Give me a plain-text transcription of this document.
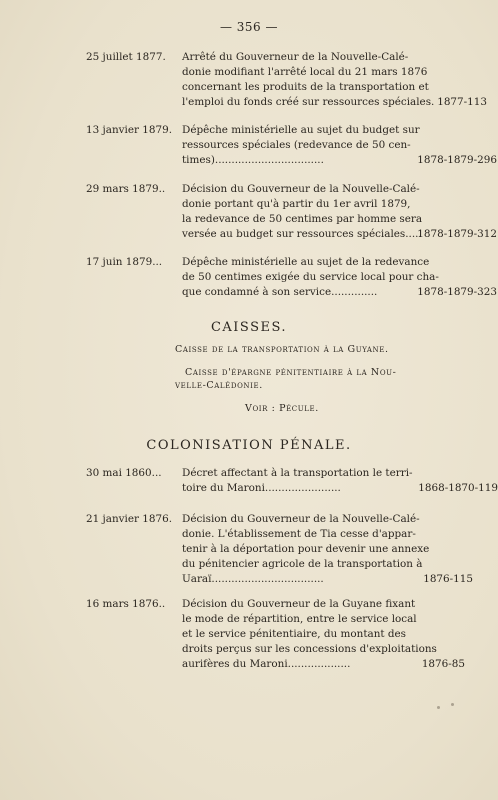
— 356 —
25 juillet 1877.	Arrêté du Gouverneur de la Nouvelle-Calé-
donie modifiant l'arrêté local du 21 mars 1876
concernant les produits de la transportation et
l'emploi du fonds créé sur ressources spéciales. 1877-113
13 janvier 1879. Dépêche ministérielle au sujet du budget sur
ressources spéciales (redevance de 50 cen-
times).................................	1878-1879-296
29 mars 1879..	Décision du Gouverneur de la Nouvelle-Calé-
donie portant qu'à partir du 1er avril 1879,
la redevance de 50 centimes par homme sera
versée au budget sur ressources spéciales.....
1878-1879-312
17 juin 1879...	Dépêche ministérielle au sujet de la redevance
de 50 centimes exigée du service local pour cha-
que condamné à son service..............	1878-1879-323
CAISSES.
Caisse de la transportation à la Guyane.
Caisse d'épargne pénitentiaire à la Nou-
velle-Calédonie.
Voir : Pécule.
COLONISATION PÉNALE.
30 mai 1860...	Décret affectant à la transportation le terri-
toire du Maroni.......................	1868-1870-119
21 janvier 1876. Décision du Gouverneur de la Nouvelle-Calé-
donie. L'établissement de Tia cesse d'appar-
tenir à la déportation pour devenir une annexe
du pénitencier agricole de la transportation à
Uaraï..................................	1876-115
16 mars 1876..	Décision du Gouverneur de la Guyane fixant
le mode de répartition, entre le service local
et le service pénitentiaire, du montant des
droits perçus sur les concessions d'exploitations
aurifères du Maroni...................	1876-85
